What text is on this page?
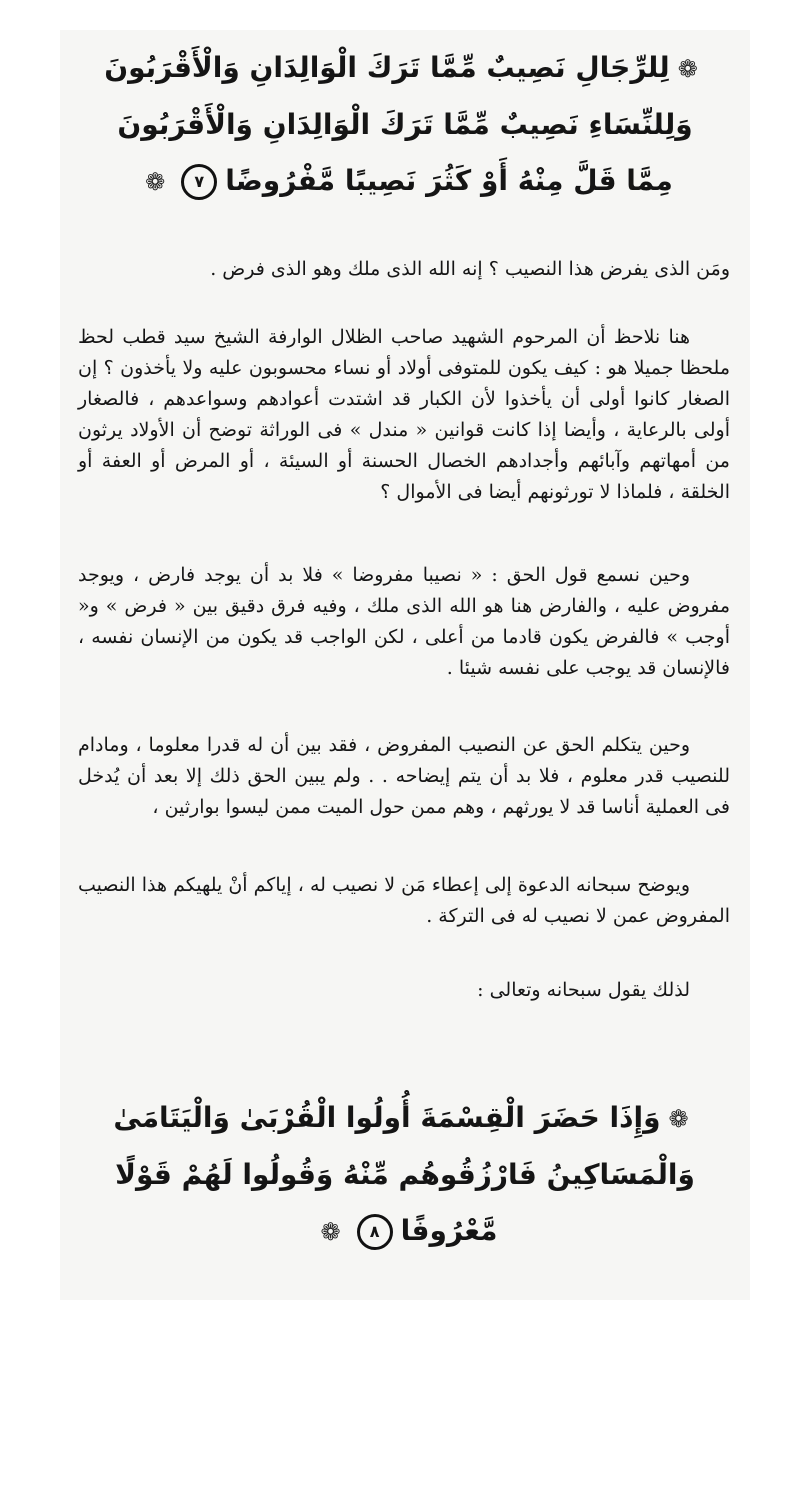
❁لِلرِّجَالِ نَصِيبٌ مِّمَّا تَرَكَ الْوَالِدَانِ وَالْأَقْرَبُونَ
وَلِلنِّسَاءِ نَصِيبٌ مِّمَّا تَرَكَ الْوَالِدَانِ وَالْأَقْرَبُونَ
مِمَّا قَلَّ مِنْهُ أَوْ كَثُرَ نَصِيبًا مَّفْرُوضًا٧❁

ومَن الذى يفرض هذا النصيب ؟ إنه الله الذى ملك وهو الذى فرض .

هنا نلاحظ أن المرحوم الشهيد صاحب الظلال الوارفة الشيخ سيد قطب لحظ ملحظا جميلا هو : كيف يكون للمتوفى أولاد أو نساء محسوبون عليه ولا يأخذون ؟ إن الصغار كانوا أولى أن يأخذوا لأن الكبار قد اشتدت أعوادهم وسواعدهم ، فالصغار أولى بالرعاية ، وأيضا إذا كانت قوانين « مندل » فى الوراثة توضح أن الأولاد يرثون من أمهاتهم وآبائهم وأجدادهم الخصال الحسنة أو السيئة ، أو المرض أو العفة أو الخلقة ، فلماذا لا تورثونهم أيضا فى الأموال ؟

وحين نسمع قول الحق : « نصيبا مفروضا » فلا بد أن يوجد فارض ، ويوجد مفروض عليه ، والفارض هنا هو الله الذى ملك ، وفيه فرق دقيق بين « فرض » و« أوجب » فالفرض يكون قادما من أعلى ، لكن الواجب قد يكون من الإنسان نفسه ، فالإنسان قد يوجب على نفسه شيئا .

وحين يتكلم الحق عن النصيب المفروض ، فقد بين أن له قدرا معلوما ، ومادام للنصيب قدر معلوم ، فلا بد أن يتم إيضاحه . . ولم يبين الحق ذلك إلا بعد أن يُدخل فى العملية أناسا قد لا يورثهم ، وهم ممن حول الميت ممن ليسوا بوارثين ،

ويوضح سبحانه الدعوة إلى إعطاء مَن لا نصيب له ، إياكم أنْ يلهيكم هذا النصيب المفروض عمن لا نصيب له فى التركة .

لذلك يقول سبحانه وتعالى :

❁وَإِذَا حَضَرَ الْقِسْمَةَ أُولُوا الْقُرْبَىٰ وَالْيَتَامَىٰ
وَالْمَسَاكِينُ فَارْزُقُوهُم مِّنْهُ وَقُولُوا لَهُمْ قَوْلًا
مَّعْرُوفًا٨❁
